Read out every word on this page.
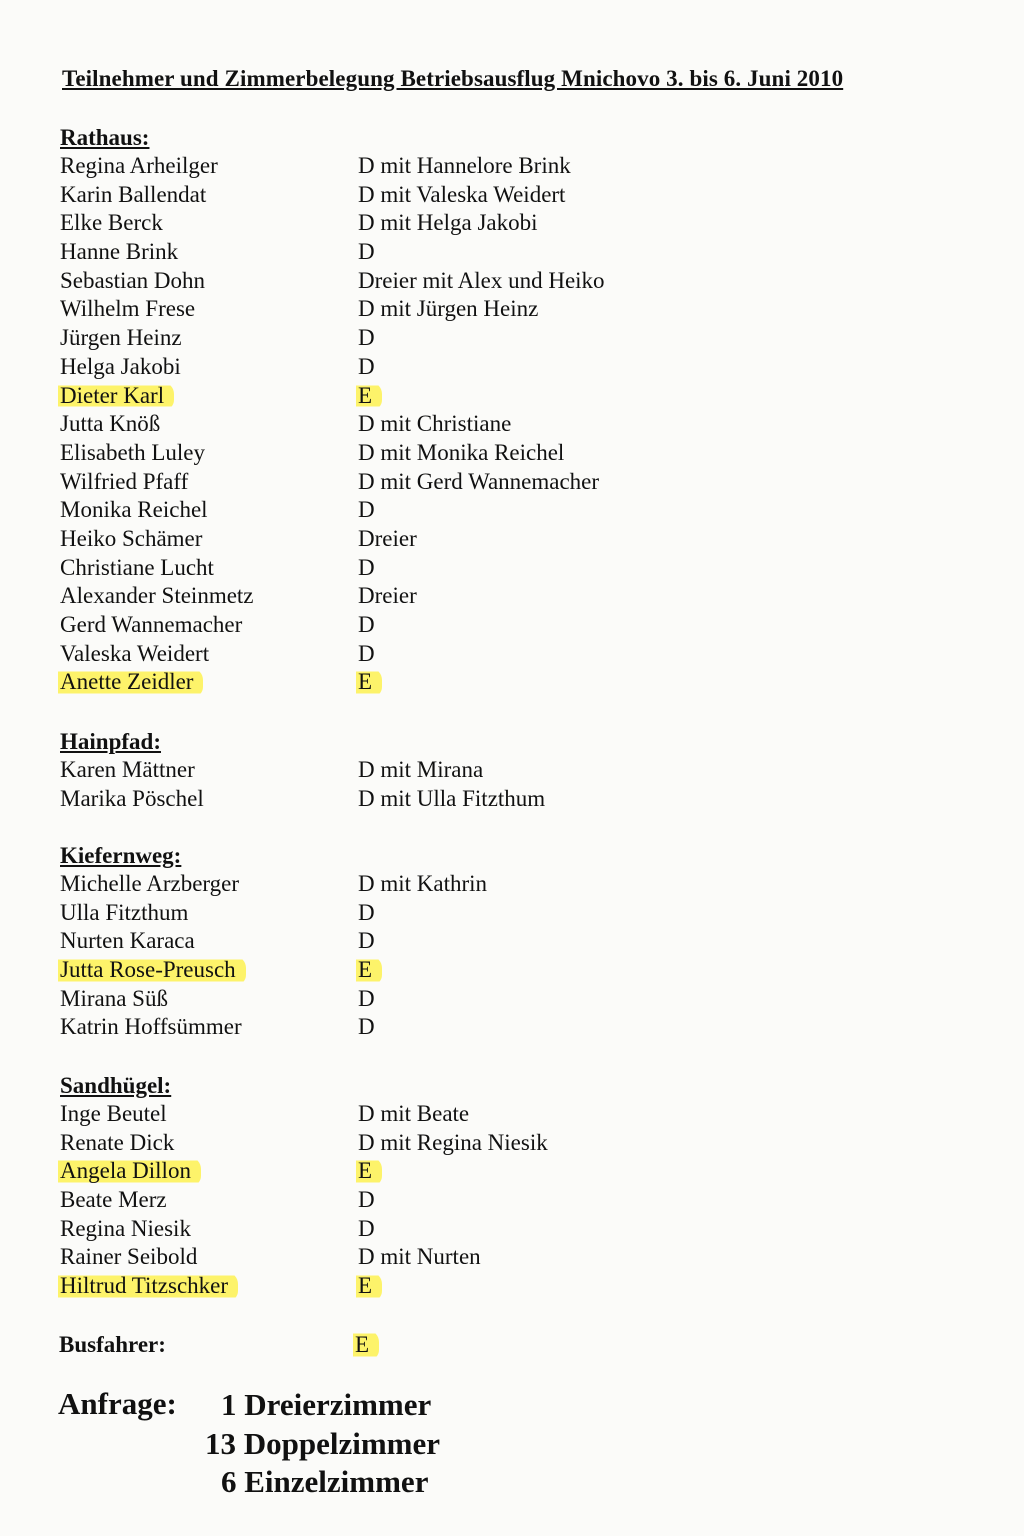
Teilnehmer und Zimmerbelegung Betriebsausflug Mnichovo 3. bis 6. Juni 2010
Rathaus:
Regina Arheilger	D mit Hannelore Brink
Karin Ballendat	D mit Valeska Weidert
Elke Berck	D mit Helga Jakobi
Hanne Brink	D
Sebastian Dohn	Dreier mit Alex und Heiko
Wilhelm Frese	D mit Jürgen Heinz
Jürgen Heinz	D
Helga Jakobi	D
Dieter Karl	E
Jutta Knöß	D mit Christiane
Elisabeth Luley	D mit Monika Reichel
Wilfried Pfaff	D mit Gerd Wannemacher
Monika Reichel	D
Heiko Schämer	Dreier
Christiane Lucht	D
Alexander Steinmetz	Dreier
Gerd Wannemacher	D
Valeska Weidert	D
Anette Zeidler	E
Hainpfad:
Karen Mättner	D mit Mirana
Marika Pöschel	D mit Ulla Fitzthum
Kiefernweg:
Michelle Arzberger	D mit Kathrin
Ulla Fitzthum	D
Nurten Karaca	D
Jutta Rose-Preusch	E
Mirana Süß	D
Katrin Hoffsümmer	D
Sandhügel:
Inge Beutel	D mit Beate
Renate Dick	D mit Regina Niesik
Angela Dillon	E
Beate Merz	D
Regina Niesik	D
Rainer Seibold	D mit Nurten
Hiltrud Titzschker	E
Busfahrer:	E
Anfrage: 1 Dreierzimmer
13 Doppelzimmer
6 Einzelzimmer
